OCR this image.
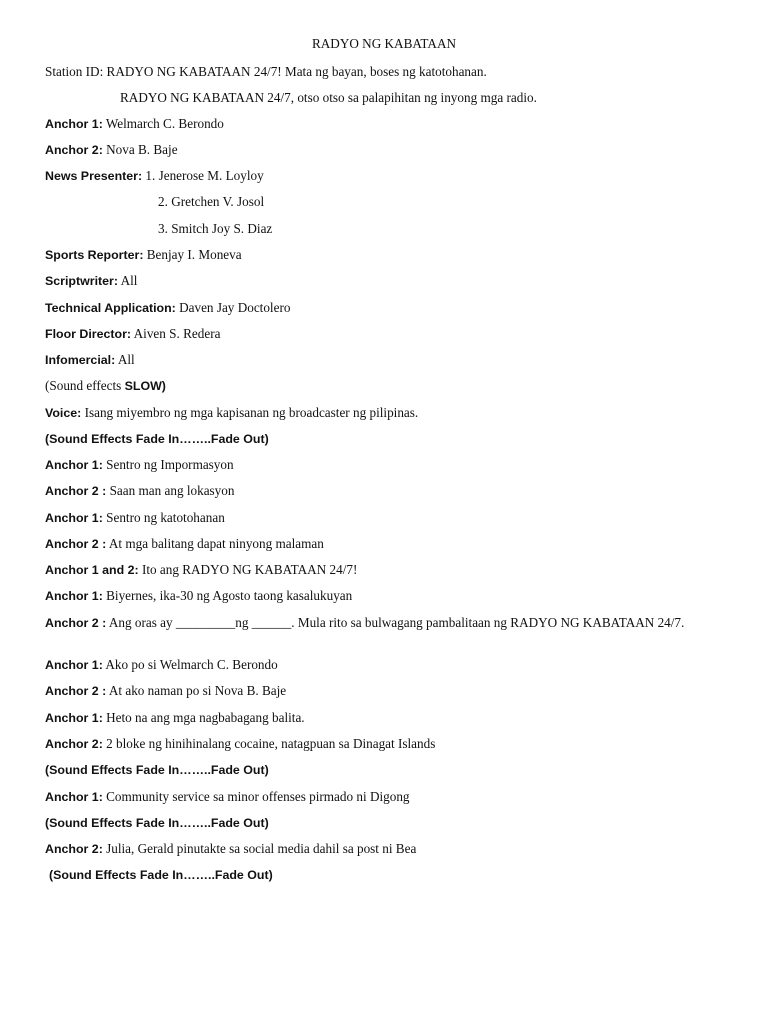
RADYO NG KABATAAN
Station ID: RADYO NG KABATAAN 24/7! Mata ng bayan, boses ng katotohanan.
RADYO NG KABATAAN 24/7, otso otso sa palapihitan ng inyong mga radio.
Anchor 1: Welmarch C. Berondo
Anchor 2: Nova B. Baje
News Presenter: 1. Jenerose M. Loyloy
2. Gretchen V. Josol
3. Smitch Joy S. Diaz
Sports Reporter: Benjay I. Moneva
Scriptwriter: All
Technical Application: Daven Jay Doctolero
Floor Director: Aiven S. Redera
Infomercial: All
(Sound effects SLOW)
Voice: Isang miyembro ng mga kapisanan ng broadcaster ng pilipinas.
(Sound Effects Fade In……..Fade Out)
Anchor 1: Sentro ng Impormasyon
Anchor 2 : Saan man ang lokasyon
Anchor 1: Sentro ng katotohanan
Anchor 2 : At mga balitang dapat ninyong malaman
Anchor 1 and 2: Ito ang RADYO NG KABATAAN 24/7!
Anchor 1: Biyernes, ika-30 ng Agosto taong kasalukuyan
Anchor 2 : Ang oras ay _________ng ______. Mula rito sa bulwagang pambalitaan ng RADYO NG KABATAAN 24/7.
Anchor 1: Ako po si Welmarch C. Berondo
Anchor 2 : At ako naman po si Nova B. Baje
Anchor 1: Heto na ang mga nagbabagang balita.
Anchor 2: 2 bloke ng hinihinalang cocaine, natagpuan sa Dinagat Islands
(Sound Effects Fade In……..Fade Out)
Anchor 1: Community service sa minor offenses pirmado ni Digong
(Sound Effects Fade In……..Fade Out)
Anchor 2: Julia, Gerald pinutakte sa social media dahil sa post ni Bea
(Sound Effects Fade In……..Fade Out)
